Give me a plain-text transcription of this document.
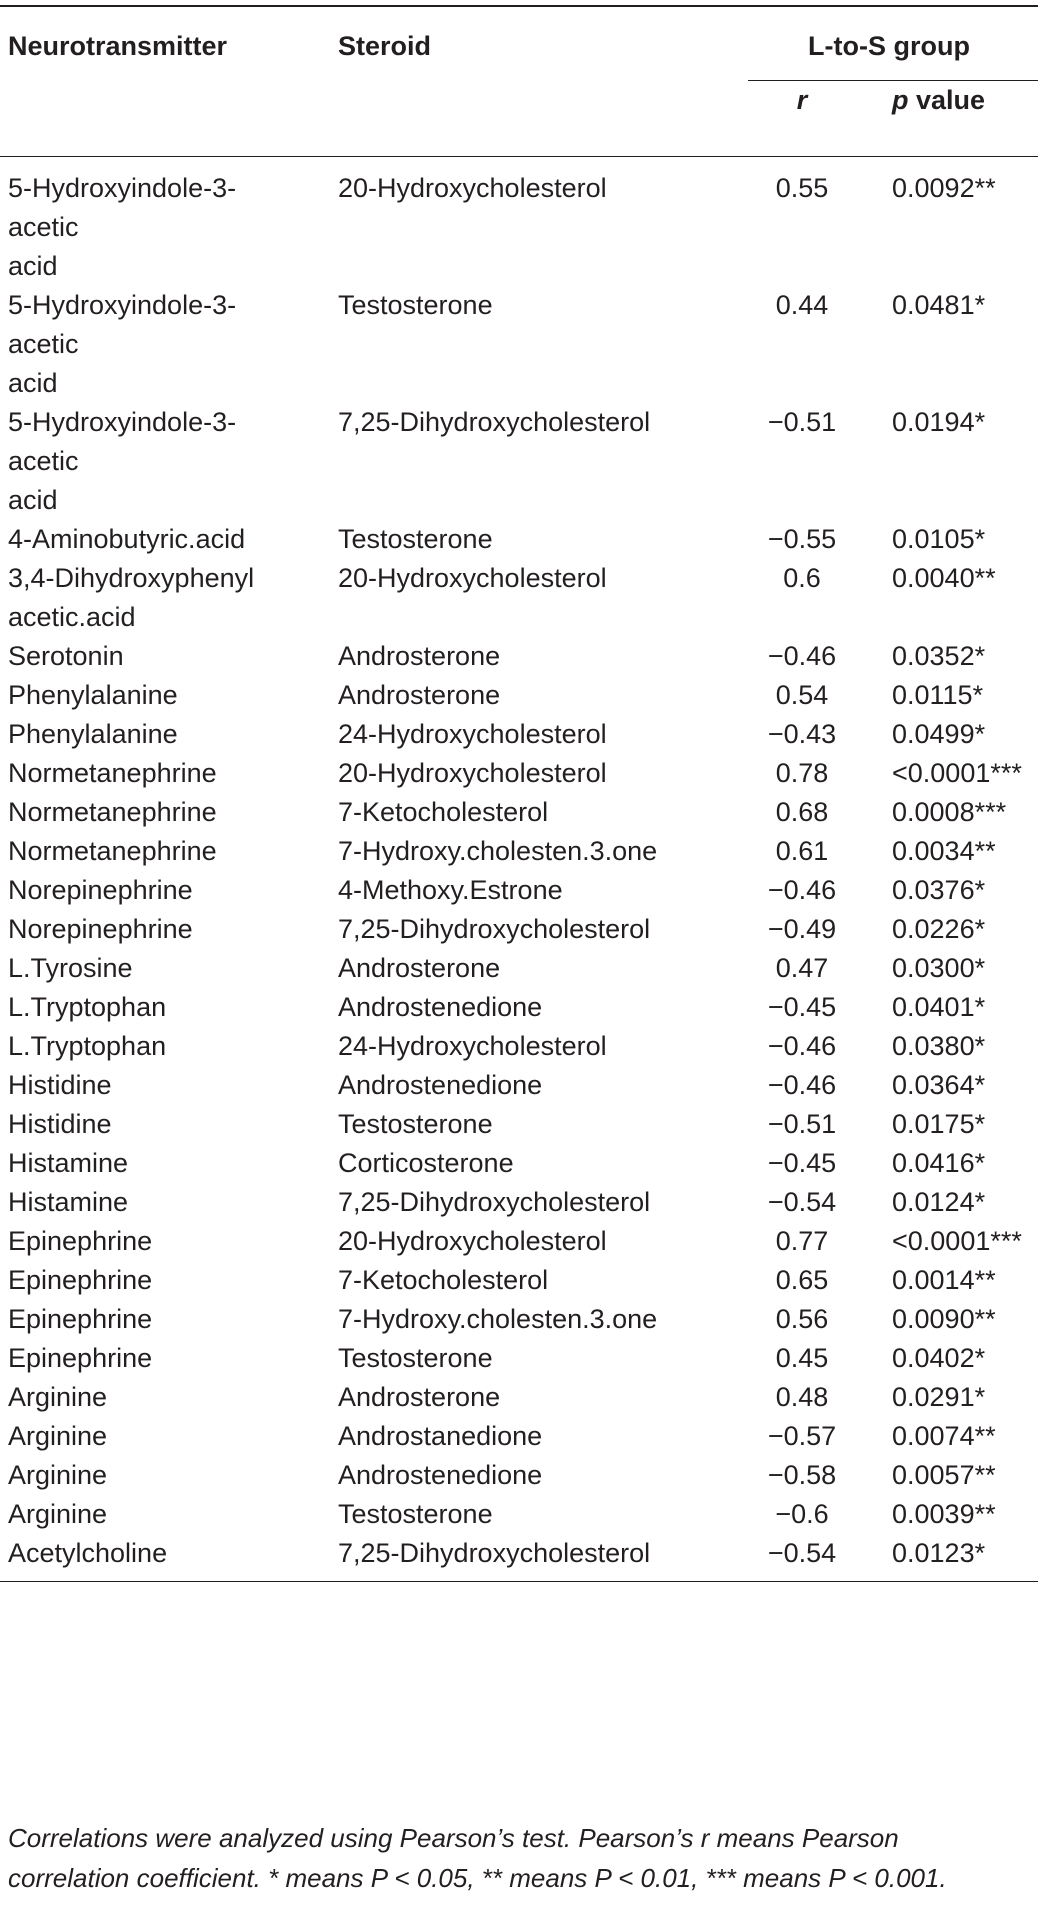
Neurotransmitter	Steroid	L-to-S group	
		r	p value
5-Hydroxyindole-3-
acetic
acid	20-Hydroxycholesterol	0.55	0.0092**
5-Hydroxyindole-3-
acetic
acid	Testosterone	0.44	0.0481*
5-Hydroxyindole-3-
acetic
acid	7,25-Dihydroxycholesterol	−0.51	0.0194*
4-Aminobutyric.acid	Testosterone	−0.55	0.0105*
3,4-Dihydroxyphenyl
acetic.acid	20-Hydroxycholesterol	0.6	0.0040**
Serotonin	Androsterone	−0.46	0.0352*
Phenylalanine	Androsterone	0.54	0.0115*
Phenylalanine	24-Hydroxycholesterol	−0.43	0.0499*
Normetanephrine	20-Hydroxycholesterol	0.78	<0.0001***
Normetanephrine	7-Ketocholesterol	0.68	0.0008***
Normetanephrine	7-Hydroxy.cholesten.3.one	0.61	0.0034**
Norepinephrine	4-Methoxy.Estrone	−0.46	0.0376*
Norepinephrine	7,25-Dihydroxycholesterol	−0.49	0.0226*
L.Tyrosine	Androsterone	0.47	0.0300*
L.Tryptophan	Androstenedione	−0.45	0.0401*
L.Tryptophan	24-Hydroxycholesterol	−0.46	0.0380*
Histidine	Androstenedione	−0.46	0.0364*
Histidine	Testosterone	−0.51	0.0175*
Histamine	Corticosterone	−0.45	0.0416*
Histamine	7,25-Dihydroxycholesterol	−0.54	0.0124*
Epinephrine	20-Hydroxycholesterol	0.77	<0.0001***
Epinephrine	7-Ketocholesterol	0.65	0.0014**
Epinephrine	7-Hydroxy.cholesten.3.one	0.56	0.0090**
Epinephrine	Testosterone	0.45	0.0402*
Arginine	Androsterone	0.48	0.0291*
Arginine	Androstanedione	−0.57	0.0074**
Arginine	Androstenedione	−0.58	0.0057**
Arginine	Testosterone	−0.6	0.0039**
Acetylcholine	7,25-Dihydroxycholesterol	−0.54	0.0123*
Correlations were analyzed using Pearson’s test. Pearson’s r means Pearson
correlation coefficient. * means P < 0.05, ** means P < 0.01, *** means P < 0.001.
